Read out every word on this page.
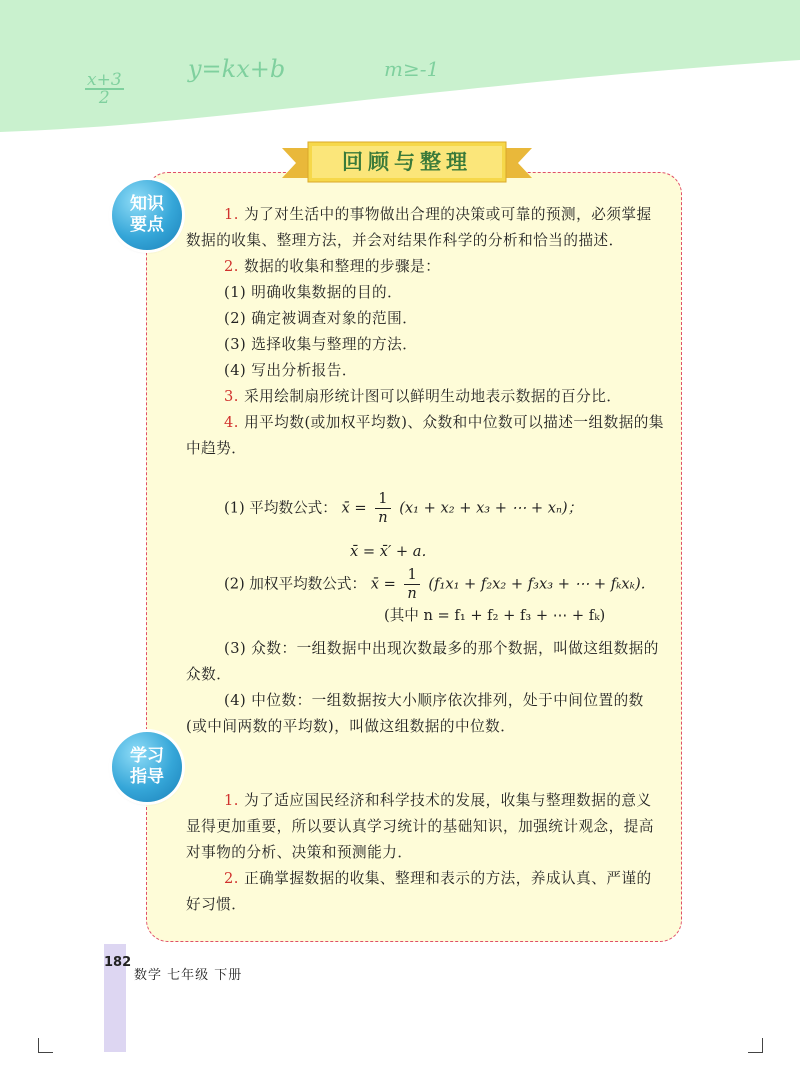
$\frac{x+3}{2}$
y=kx+b	m≥-1
回顾与整理
知识
要点
学习
指导

1. 为了对生活中的事物做出合理的决策或可靠的预测，必须掌握数据的收集、整理方法，并会对结果作科学的分析和恰当的描述．

2. 数据的收集和整理的步骤是：

(1) 明确收集数据的目的．

(2) 确定被调查对象的范围．

(3) 选择收集与整理的方法．

(4) 写出分析报告．

3. 采用绘制扇形统计图可以鲜明生动地表示数据的百分比．

4. 用平均数(或加权平均数)、众数和中位数可以描述一组数据的集中趋势．

(1) 平均数公式： x̄ = $\frac{1}{n} (x_1 + x_2 + x_3$ + ⋯ + xₙ)；
x̄ = x̄′ + a．
(2) 加权平均数公式： x̄ = $\frac{1}{n} (f_1x_1 + f_2x_2 + f_3x_3$ + ⋯ + fₖxₖ)．
(其中 n = f₁ + f₂ + f₃ + ⋯ + fₖ)

(3) 众数：一组数据中出现次数最多的那个数据，叫做这组数据的众数．

(4) 中位数：一组数据按大小顺序依次排列，处于中间位置的数(或中间两数的平均数)，叫做这组数据的中位数．

1. 为了适应国民经济和科学技术的发展，收集与整理数据的意义显得更加重要，所以要认真学习统计的基础知识，加强统计观念，提高对事物的分析、决策和预测能力．

2. 正确掌握数据的收集、整理和表示的方法，养成认真、严谨的好习惯．

182
数学 七年级 下册
